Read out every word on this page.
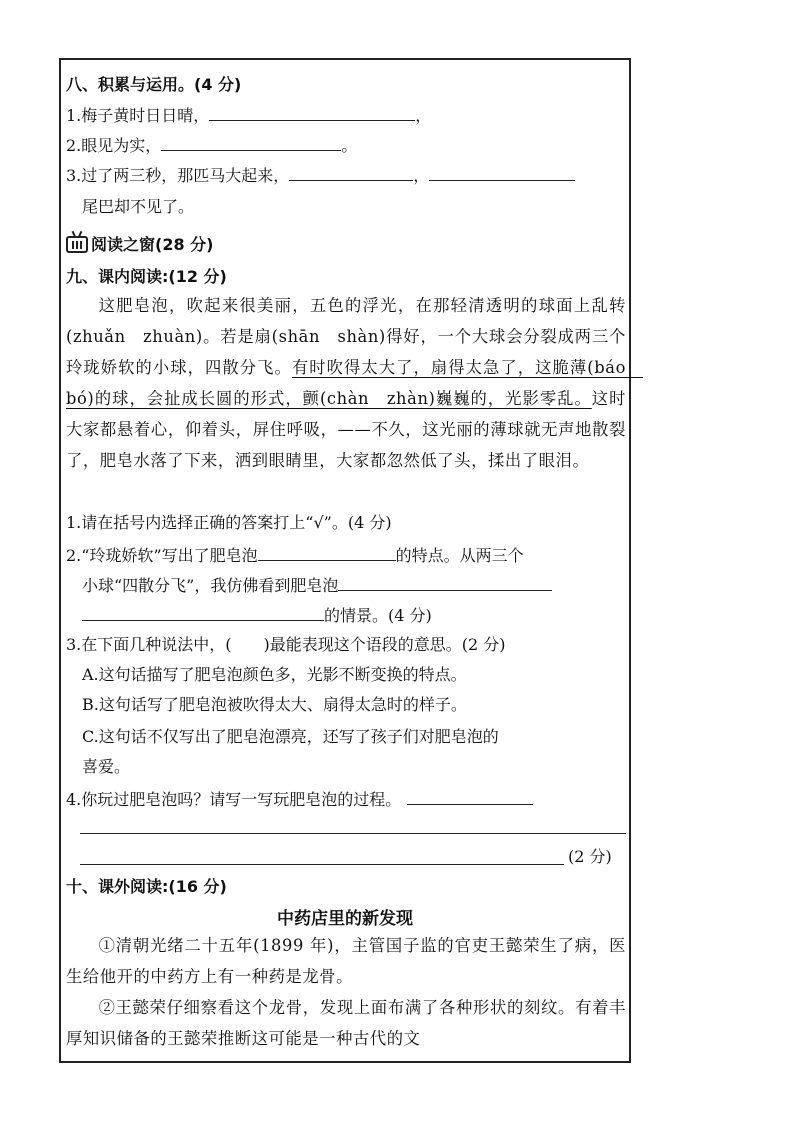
八、积累与运用。(4 分)
1.梅子黄时日日晴，	，
2.眼见为实，	。
3.过了两三秒，那匹马大起来，	，
尾巴却不见了。
阅读之窗(28 分)
九、课内阅读:(12 分)
这肥皂泡，吹起来很美丽，五色的浮光，在那轻清透明的球面上乱转(zhuǎn　zhuàn)。若是扇(shān　shàn)得好，一个大球会分裂成两三个玲珑娇软的小球，四散分飞。有时吹得太大了，扇得太急了，这脆薄(báo　bó)的球，会扯成长圆的形式，颤(chàn　zhàn)巍巍的，光影零乱。这时大家都悬着心，仰着头，屏住呼吸，——不久，这光丽的薄球就无声地散裂了，肥皂水落了下来，洒到眼睛里，大家都忽然低了头，揉出了眼泪。
1.请在括号内选择正确的答案打上“√”。(4 分)
2.“玲珑娇软”写出了肥皂泡	的特点。从两三个
小球“四散分飞”，我仿佛看到肥皂泡
的情景。(4 分)
3.在下面几种说法中，(　　)最能表现这个语段的意思。(2 分)
A.这句话描写了肥皂泡颜色多，光影不断变换的特点。
B.这句话写了肥皂泡被吹得太大、扇得太急时的样子。
C.这句话不仅写出了肥皂泡漂亮，还写了孩子们对肥皂泡的
喜爱。
4.你玩过肥皂泡吗？请写一写玩肥皂泡的过程。
(2 分)
十、课外阅读:(16 分)
中药店里的新发现
①清朝光绪二十五年(1899 年)，主管国子监的官吏王懿荣生了病，医生给他开的中药方上有一种药是龙骨。
②王懿荣仔细察看这个龙骨，发现上面布满了各种形状的刻纹。有着丰厚知识储备的王懿荣推断这可能是一种古代的文
